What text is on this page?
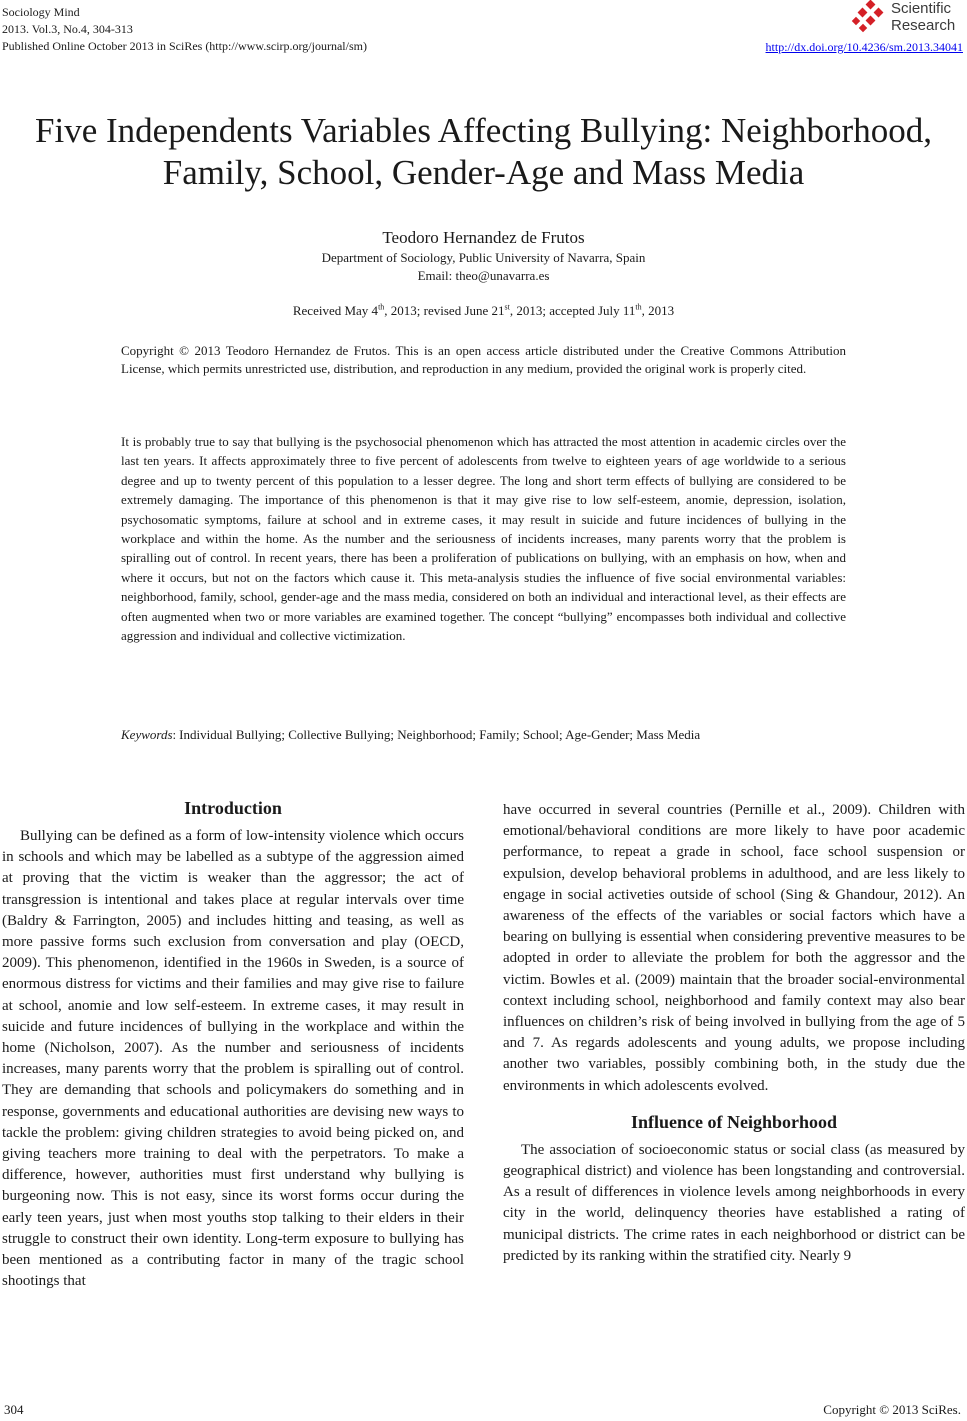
Sociology Mind
2013. Vol.3, No.4, 304-313
Published Online October 2013 in SciRes (http://www.scirp.org/journal/sm)
Scientific
Research
http://dx.doi.org/10.4236/sm.2013.34041
Five Independents Variables Affecting Bullying: Neighborhood,
Family, School, Gender-Age and Mass Media
Teodoro Hernandez de Frutos
Department of Sociology, Public University of Navarra, Spain
Email: theo@unavarra.es
Received May 4th, 2013; revised June 21st, 2013; accepted July 11th, 2013

Copyright © 2013 Teodoro Hernandez de Frutos. This is an open access article distributed under the Creative Commons Attribution License, which permits unrestricted use, distribution, and reproduction in any medium, provided the original work is properly cited.

It is probably true to say that bullying is the psychosocial phenomenon which has attracted the most attention in academic circles over the last ten years. It affects approximately three to five percent of adolescents from twelve to eighteen years of age worldwide to a serious degree and up to twenty percent of this population to a lesser degree. The long and short term effects of bullying are considered to be extremely damaging. The importance of this phenomenon is that it may give rise to low self-esteem, anomie, depression, isolation, psychosomatic symptoms, failure at school and in extreme cases, it may result in suicide and future incidences of bullying in the workplace and within the home. As the number and the seriousness of incidents increases, many parents worry that the problem is spiralling out of control. In recent years, there has been a proliferation of publications on bullying, with an emphasis on how, when and where it occurs, but not on the factors which cause it. This meta-analysis studies the influence of five social environmental variables: neighborhood, family, school, gender-age and the mass media, considered on both an individual and interactional level, as their effects are often augmented when two or more variables are examined together. The concept “bullying” encompasses both individual and collective aggression and individual and collective victimization.

Keywords : Individual Bullying; Collective Bullying; Neighborhood; Family; School; Age-Gender; Mass Media
Introduction

Bullying can be defined as a form of low-intensity violence which occurs in schools and which may be labelled as a subtype of the aggression aimed at proving that the victim is weaker than the aggressor; the act of transgression is intentional and takes place at regular intervals over time (Baldry & Farrington, 2005) and includes hitting and teasing, as well as more passive forms such exclusion from conversation and play (OECD, 2009). This phenomenon, identified in the 1960s in Sweden, is a source of enormous distress for victims and their families and may give rise to failure at school, anomie and low self-esteem. In extreme cases, it may result in suicide and future incidences of bullying in the workplace and within the home (Nicholson, 2007). As the number and seriousness of incidents increases, many parents worry that the problem is spiralling out of control. They are demanding that schools and policymakers do something and in response, governments and educational authorities are devising new ways to tackle the problem: giving children strategies to avoid being picked on, and giving teachers more training to deal with the perpetrators. To make a difference, however, authorities must first understand why bullying is burgeoning now. This is not easy, since its worst forms occur during the early teen years, just when most youths stop talking to their elders in their struggle to construct their own identity. Long-term exposure to bullying has been mentioned as a contributing factor in many of the tragic school shootings that

have occurred in several countries (Pernille et al., 2009). Children with emotional/behavioral conditions are more likely to have poor academic performance, to repeat a grade in school, face school suspension or expulsion, develop behavioral problems in adulthood, and are less likely to engage in social activeties outside of school (Sing & Ghandour, 2012). An awareness of the effects of the variables or social factors which have a bearing on bullying is essential when considering preventive measures to be adopted in order to alleviate the problem for both the aggressor and the victim. Bowles et al. (2009) maintain that the broader social-environmental context including school, neighborhood and family context may also bear influences on children’s risk of being involved in bullying from the age of 5 and 7. As regards adolescents and young adults, we propose including another two variables, possibly combining both, in the study due the environments in which adolescents evolved.

Influence of Neighborhood

The association of socioeconomic status or social class (as measured by geographical district) and violence has been longstanding and controversial. As a result of differences in violence levels among neighborhoods in every city in the world, delinquency theories have established a rating of municipal districts. The crime rates in each neighborhood or district can be predicted by its ranking within the stratified city. Nearly 9

304	Copyright © 2013 SciRes.
